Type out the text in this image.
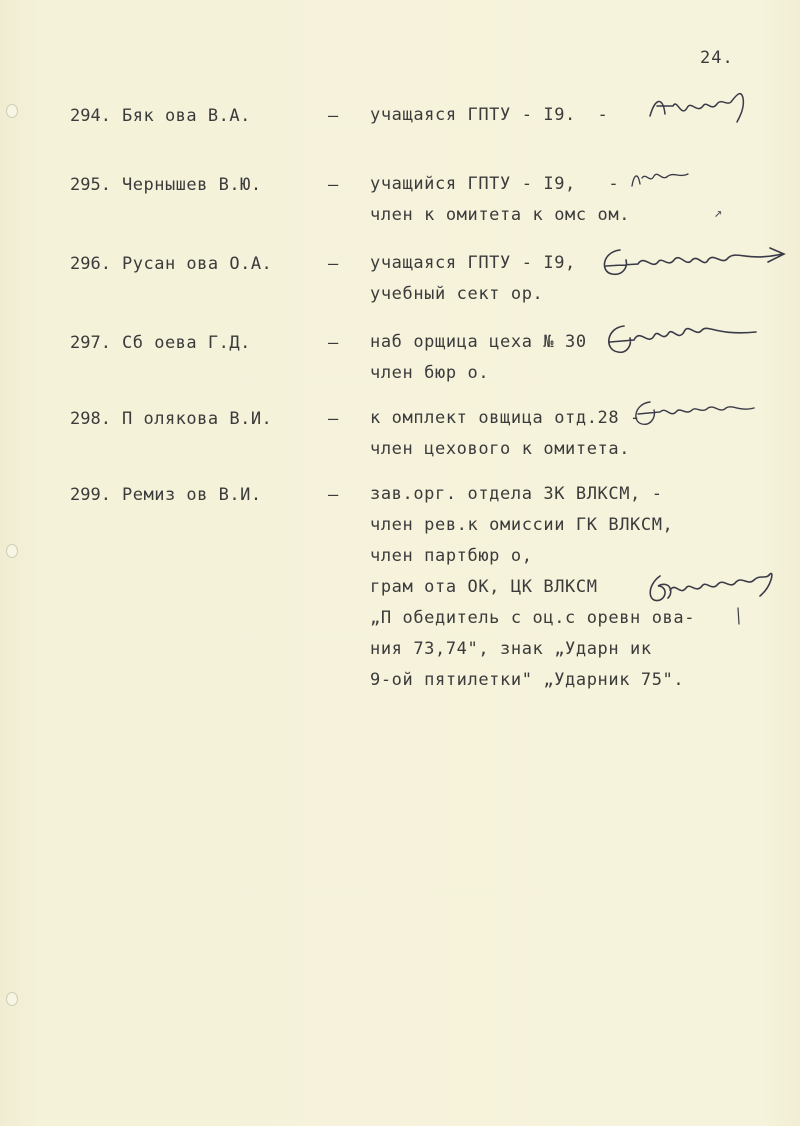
24.
294. Бяк ова В.А.	– учащаяся ГПТУ - I9.  -
295. Чернышев В.Ю.	– учащийся ГПТУ - I9,   -
член к омитета к омс ом.	↗
296. Русан ова О.А.	– учащаяся ГПТУ - I9,
учебный сект ор.
297. Сб оева Г.Д.	– наб орщица цеха № 30
член бюр о.
298. П олякова В.И.	– к омплект овщица отд.28 -
член цехового к омитета.
299. Ремиз ов В.И.	– зав.орг. отдела ЗК ВЛКСМ, -
член рев.к омиссии ГК ВЛКСМ,
член партбюр о,
грам ота ОК, ЦК ВЛКСМ
„П обедитель с оц.с оревн ова-
ния 73,74", знак „Ударн ик
9-ой пятилетки" „Ударник 75".
